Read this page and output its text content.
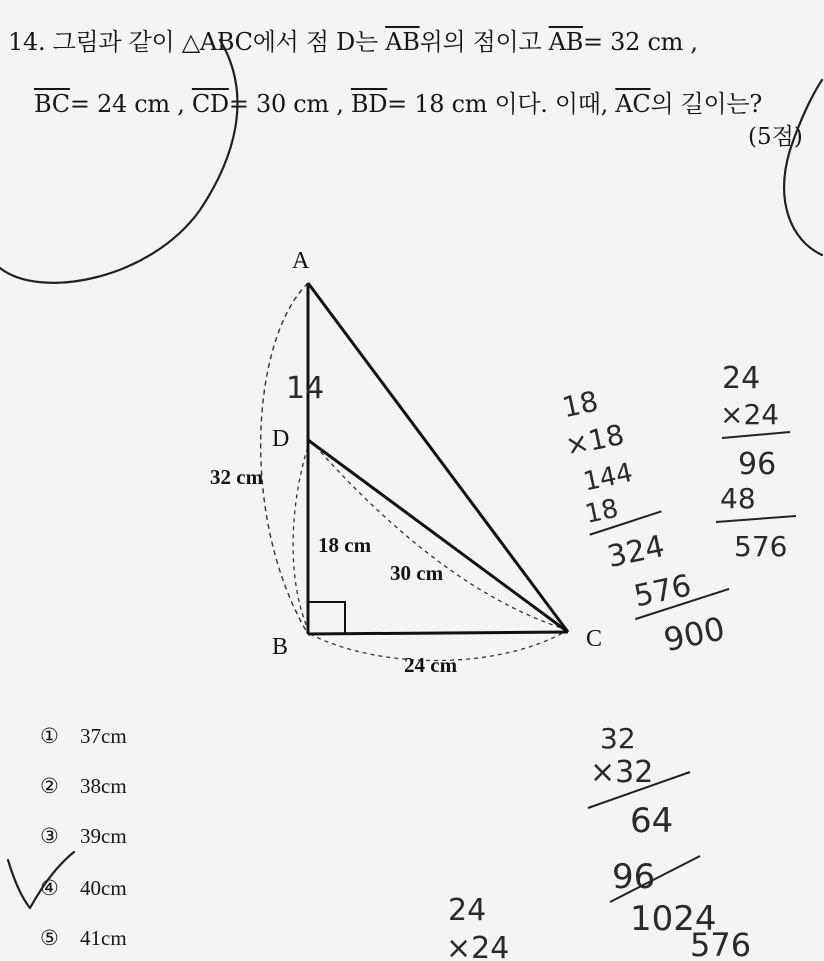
14. 그림과 같이 △ABC에서 점 D는 $\overline{AB}$위의 점이고 $\overline{AB}= 32$ cm ,
$\overline{BC}= 24$ cm , $\overline{CD}= 30$ cm , $\overline{BD}= 18$ cm 이다. 이때, $\overline{AC}$의 길이는?
(5점)
① 37cm
② 38cm
③ 39cm
④ 40cm
⑤ 41cm
A
D
B	C
32 cm
18 cm
30 cm
24 cm
14	18
×18
144
18
324
576
900
24
×24
96
48
576
32
×32
64
96
1024
576
24
×24
